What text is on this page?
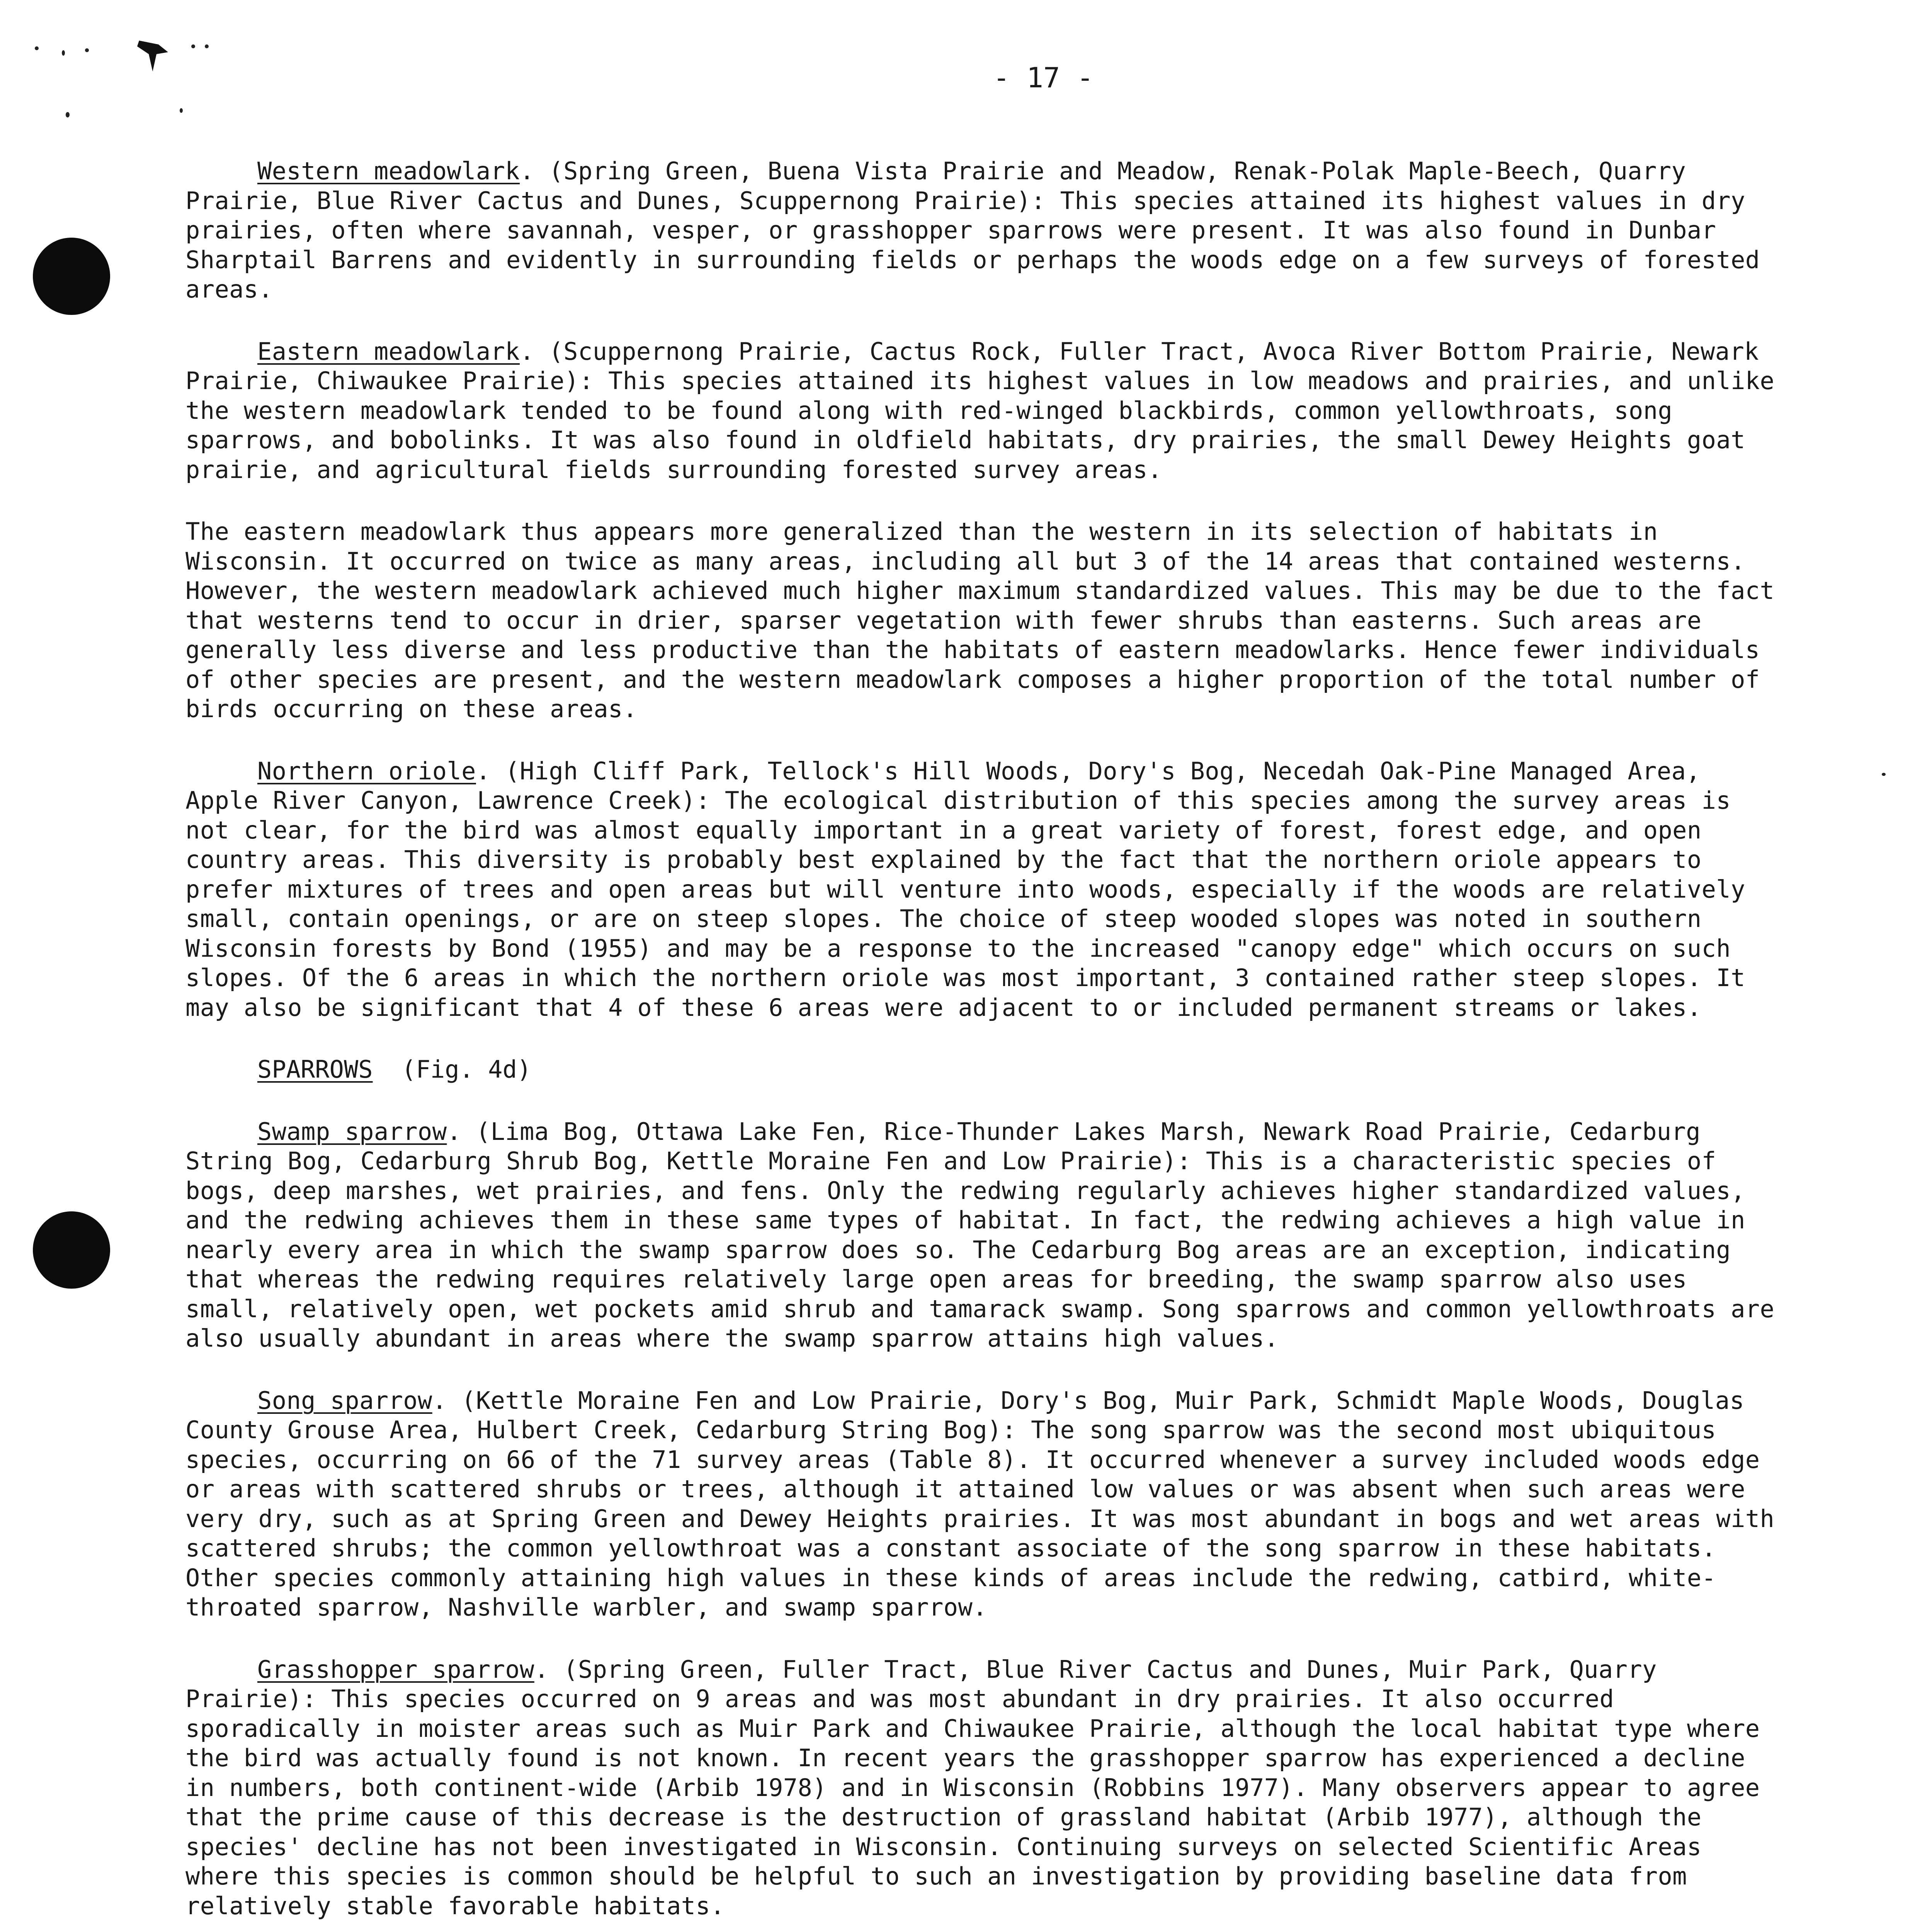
- 17 -

Western meadowlark. (Spring Green, Buena Vista Prairie and Meadow, Renak-Polak Maple-Beech, Quarry Prairie, Blue River Cactus and Dunes, Scuppernong Prairie): This species attained its highest values in dry prairies, often where savannah, vesper, or grasshopper sparrows were present. It was also found in Dunbar Sharptail Barrens and evidently in surrounding fields or perhaps the woods edge on a few surveys of forested areas.

Eastern meadowlark. (Scuppernong Prairie, Cactus Rock, Fuller Tract, Avoca River Bottom Prairie, Newark Prairie, Chiwaukee Prairie): This species attained its highest values in low meadows and prairies, and unlike the western meadowlark tended to be found along with red-winged blackbirds, common yellowthroats, song sparrows, and bobolinks. It was also found in oldfield habitats, dry prairies, the small Dewey Heights goat prairie, and agricultural fields surrounding forested survey areas.

The eastern meadowlark thus appears more generalized than the western in its selection of habitats in Wisconsin. It occurred on twice as many areas, including all but 3 of the 14 areas that contained westerns. However, the western meadowlark achieved much higher maximum standardized values. This may be due to the fact that westerns tend to occur in drier, sparser vegetation with fewer shrubs than easterns. Such areas are generally less diverse and less productive than the habitats of eastern meadowlarks. Hence fewer individuals of other species are present, and the western meadowlark composes a higher proportion of the total number of birds occurring on these areas.

Northern oriole. (High Cliff Park, Tellock's Hill Woods, Dory's Bog, Necedah Oak-Pine Managed Area, Apple River Canyon, Lawrence Creek): The ecological distribution of this species among the survey areas is not clear, for the bird was almost equally important in a great variety of forest, forest edge, and open country areas. This diversity is probably best explained by the fact that the northern oriole appears to prefer mixtures of trees and open areas but will venture into woods, especially if the woods are relatively small, contain openings, or are on steep slopes. The choice of steep wooded slopes was noted in southern Wisconsin forests by Bond (1955) and may be a response to the increased "canopy edge" which occurs on such slopes. Of the 6 areas in which the northern oriole was most important, 3 contained rather steep slopes. It may also be significant that 4 of these 6 areas were adjacent to or included permanent streams or lakes.

SPARROWS (Fig. 4d)

Swamp sparrow. (Lima Bog, Ottawa Lake Fen, Rice-Thunder Lakes Marsh, Newark Road Prairie, Cedarburg String Bog, Cedarburg Shrub Bog, Kettle Moraine Fen and Low Prairie): This is a characteristic species of bogs, deep marshes, wet prairies, and fens. Only the redwing regularly achieves higher standardized values, and the redwing achieves them in these same types of habitat. In fact, the redwing achieves a high value in nearly every area in which the swamp sparrow does so. The Cedarburg Bog areas are an exception, indicating that whereas the redwing requires relatively large open areas for breeding, the swamp sparrow also uses small, relatively open, wet pockets amid shrub and tamarack swamp. Song sparrows and common yellowthroats are also usually abundant in areas where the swamp sparrow attains high values.

Song sparrow. (Kettle Moraine Fen and Low Prairie, Dory's Bog, Muir Park, Schmidt Maple Woods, Douglas County Grouse Area, Hulbert Creek, Cedarburg String Bog): The song sparrow was the second most ubiquitous species, occurring on 66 of the 71 survey areas (Table 8). It occurred whenever a survey included woods edge or areas with scattered shrubs or trees, although it attained low values or was absent when such areas were very dry, such as at Spring Green and Dewey Heights prairies. It was most abundant in bogs and wet areas with scattered shrubs; the common yellowthroat was a constant associate of the song sparrow in these habitats. Other species commonly attaining high values in these kinds of areas include the redwing, catbird, white-throated sparrow, Nashville warbler, and swamp sparrow.

Grasshopper sparrow. (Spring Green, Fuller Tract, Blue River Cactus and Dunes, Muir Park, Quarry Prairie): This species occurred on 9 areas and was most abundant in dry prairies. It also occurred sporadically in moister areas such as Muir Park and Chiwaukee Prairie, although the local habitat type where the bird was actually found is not known. In recent years the grasshopper sparrow has experienced a decline in numbers, both continent-wide (Arbib 1978) and in Wisconsin (Robbins 1977). Many observers appear to agree that the prime cause of this decrease is the destruction of grassland habitat (Arbib 1977), although the species' decline has not been investigated in Wisconsin. Continuing surveys on selected Scientific Areas where this species is common should be helpful to such an investigation by providing baseline data from relatively stable favorable habitats.
